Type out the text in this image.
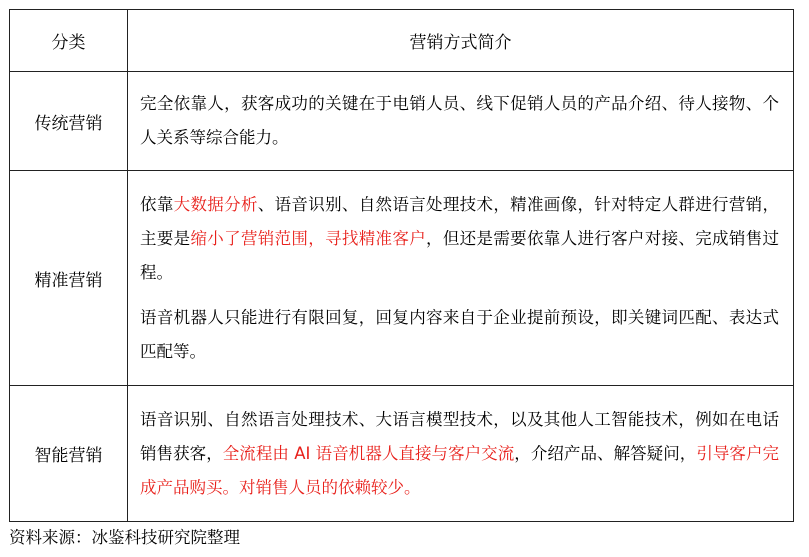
分类	营销方式简介
传统营销	完全依靠人，获客成功的关键在于电销人员、线下促销人员的产品介绍、待人接物、个人关系等综合能力。

精准营销	依靠大数据分析、语音识别、自然语言处理技术，精准画像，针对特定人群进行营销，主要是缩小了营销范围，寻找精准客户，但还是需要依靠人进行客户对接、完成销售过程。

语音机器人只能进行有限回复，回复内容来自于企业提前预设，即关键词匹配、表达式匹配等。

智能营销	语音识别、自然语言处理技术、大语言模型技术，以及其他人工智能技术，例如在电话销售获客，全流程由 AI 语音机器人直接与客户交流，介绍产品、解答疑问，引导客户完成产品购买。对销售人员的依赖较少。

资料来源：冰鉴科技研究院整理
